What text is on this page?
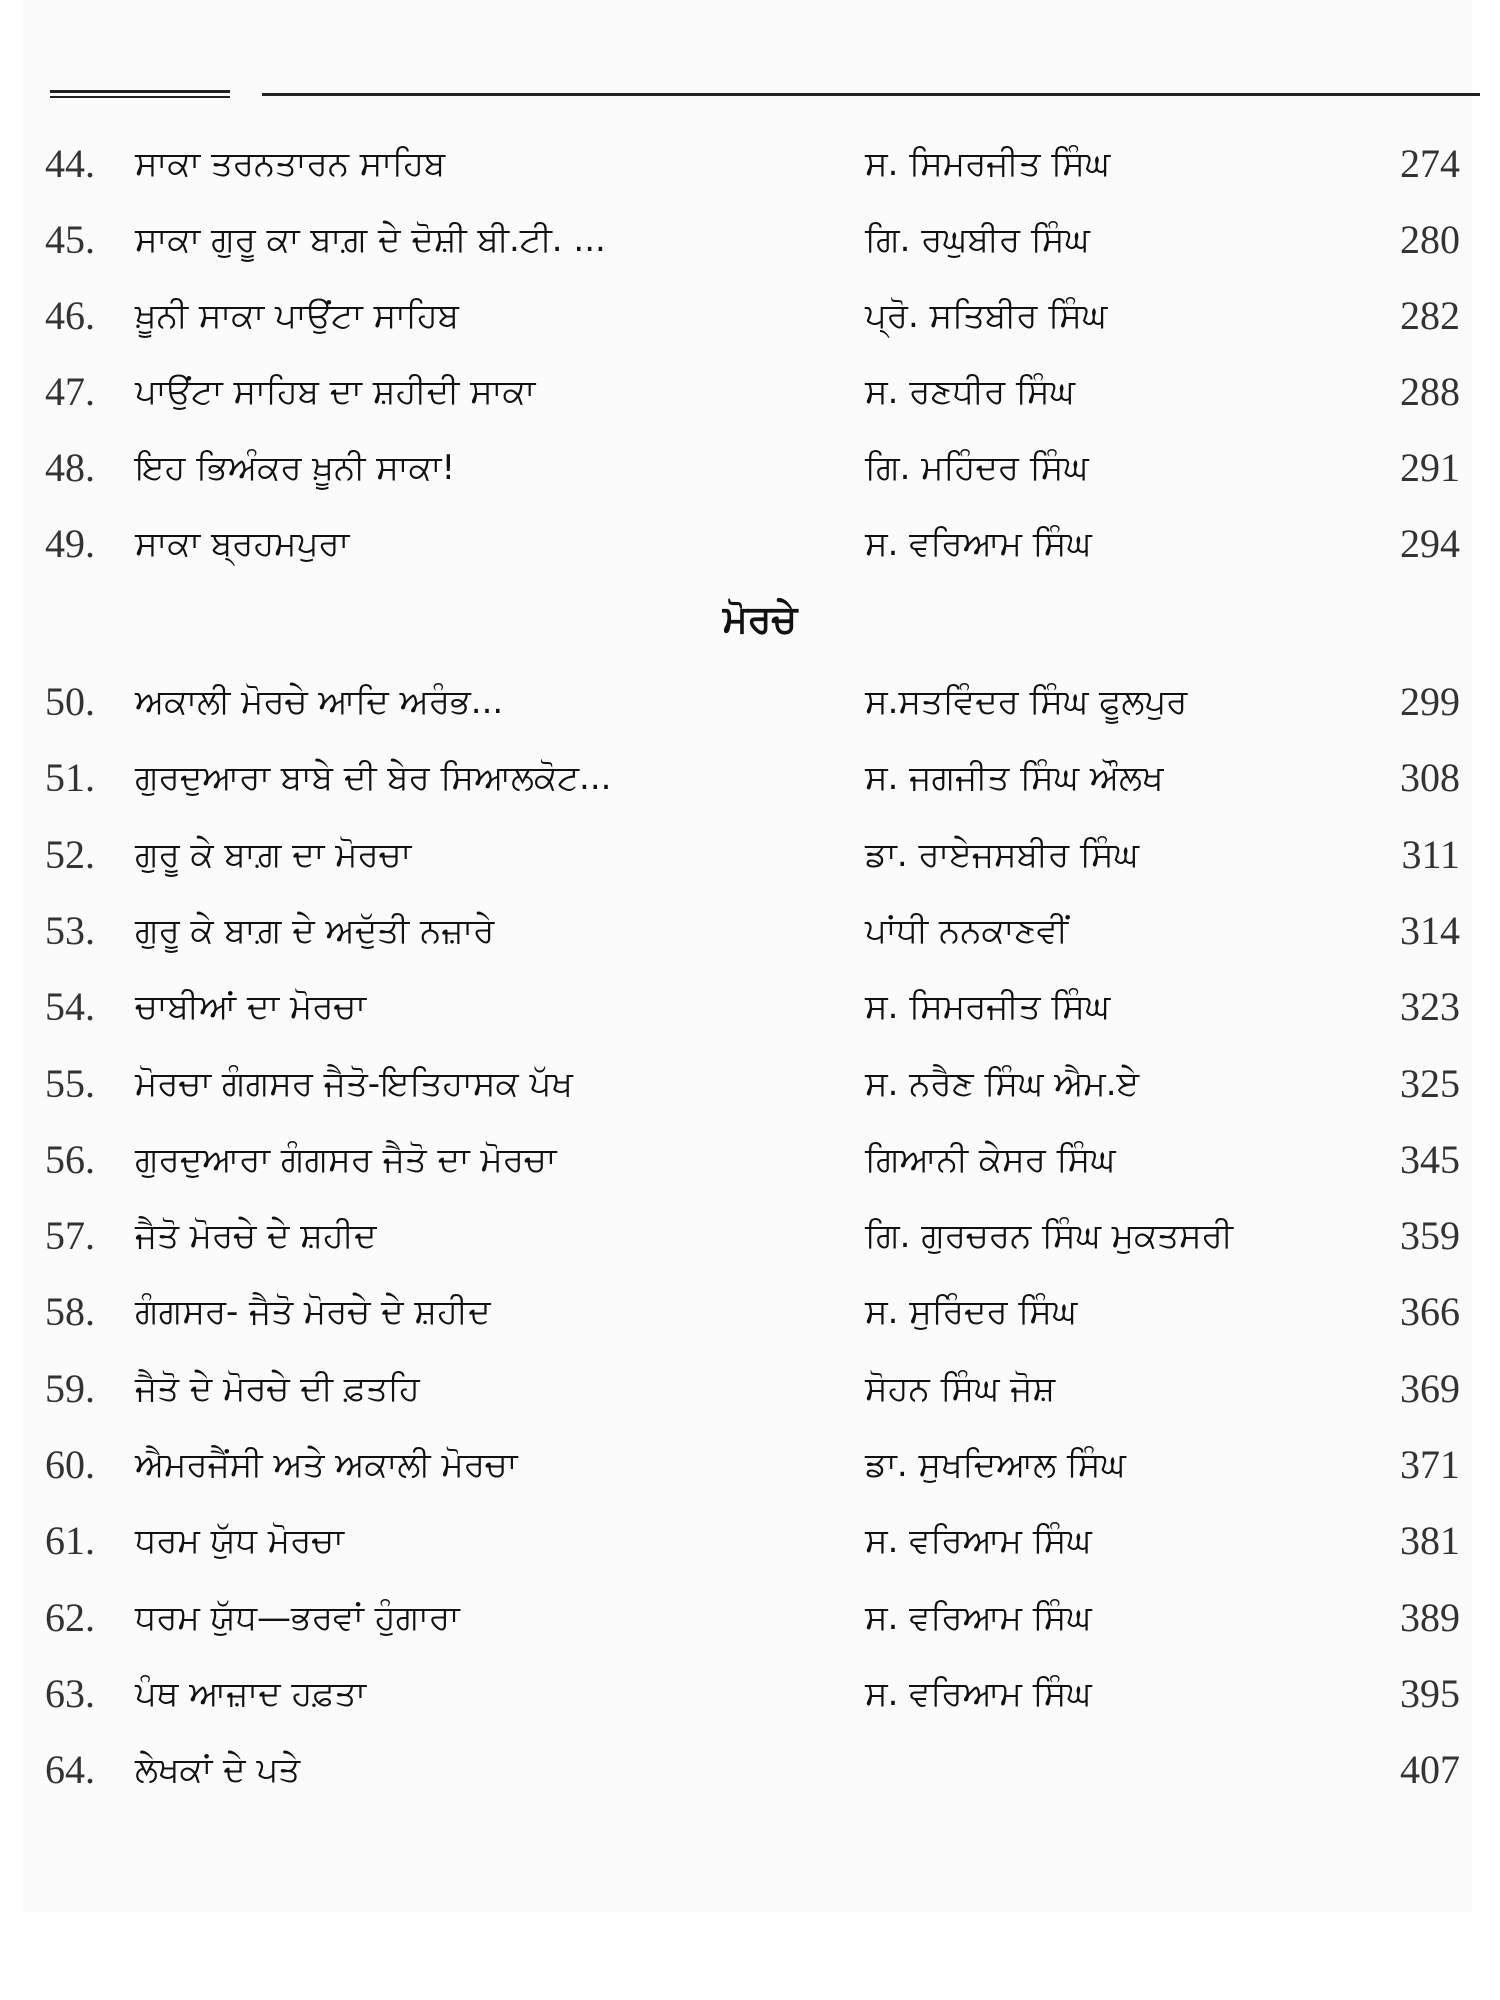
44. ਸਾਕਾ ਤਰਨਤਾਰਨ ਸਾਹਿਬ	ਸ. ਸਿਮਰਜੀਤ ਸਿੰਘ	274
45. ਸਾਕਾ ਗੁਰੂ ਕਾ ਬਾਗ਼ ਦੇ ਦੋਸ਼ੀ ਬੀ.ਟੀ. ...	ਗਿ. ਰਘੁਬੀਰ ਸਿੰਘ	280
46. ਖ਼ੂਨੀ ਸਾਕਾ ਪਾਉਂਟਾ ਸਾਹਿਬ	ਪ੍ਰੋ. ਸਤਿਬੀਰ ਸਿੰਘ	282
47. ਪਾਉਂਟਾ ਸਾਹਿਬ ਦਾ ਸ਼ਹੀਦੀ ਸਾਕਾ	ਸ. ਰਣਧੀਰ ਸਿੰਘ	288
48. ਇਹ ਭਿਅੰਕਰ ਖ਼ੂਨੀ ਸਾਕਾ!	ਗਿ. ਮਹਿੰਦਰ ਸਿੰਘ	291
49. ਸਾਕਾ ਬ੍ਰਹਮਪੁਰਾ	ਸ. ਵਰਿਆਮ ਸਿੰਘ	294
ਮੋਰਚੇ
50. ਅਕਾਲੀ ਮੋਰਚੇ ਆਦਿ ਅਰੰਭ...	ਸ.ਸਤਵਿੰਦਰ ਸਿੰਘ ਫੂਲਪੁਰ	299
51. ਗੁਰਦੁਆਰਾ ਬਾਬੇ ਦੀ ਬੇਰ ਸਿਆਲਕੋਟ...	ਸ. ਜਗਜੀਤ ਸਿੰਘ ਔਲਖ	308
52. ਗੁਰੂ ਕੇ ਬਾਗ਼ ਦਾ ਮੋਰਚਾ	ਡਾ. ਰਾਏਜਸਬੀਰ ਸਿੰਘ	311
53. ਗੁਰੂ ਕੇ ਬਾਗ਼ ਦੇ ਅਦੁੱਤੀ ਨਜ਼ਾਰੇ	ਪਾਂਧੀ ਨਨਕਾਣਵੀਂ	314
54. ਚਾਬੀਆਂ ਦਾ ਮੋਰਚਾ	ਸ. ਸਿਮਰਜੀਤ ਸਿੰਘ	323
55. ਮੋਰਚਾ ਗੰਗਸਰ ਜੈਤੋ-ਇਤਿਹਾਸਕ ਪੱਖ	ਸ. ਨਰੈਣ ਸਿੰਘ ਐਮ.ਏ	325
56. ਗੁਰਦੁਆਰਾ ਗੰਗਸਰ ਜੈਤੋ ਦਾ ਮੋਰਚਾ	ਗਿਆਨੀ ਕੇਸਰ ਸਿੰਘ	345
57. ਜੈਤੋ ਮੋਰਚੇ ਦੇ ਸ਼ਹੀਦ	ਗਿ. ਗੁਰਚਰਨ ਸਿੰਘ ਮੁਕਤਸਰੀ	359
58. ਗੰਗਸਰ- ਜੈਤੋ ਮੋਰਚੇ ਦੇ ਸ਼ਹੀਦ	ਸ. ਸੁਰਿੰਦਰ ਸਿੰਘ	366
59. ਜੈਤੋ ਦੇ ਮੋਰਚੇ ਦੀ ਫ਼ਤਹਿ	ਸੋਹਨ ਸਿੰਘ ਜੋਸ਼	369
60. ਐਮਰਜੈਂਸੀ ਅਤੇ ਅਕਾਲੀ ਮੋਰਚਾ	ਡਾ. ਸੁਖਦਿਆਲ ਸਿੰਘ	371
61. ਧਰਮ ਯੁੱਧ ਮੋਰਚਾ	ਸ. ਵਰਿਆਮ ਸਿੰਘ	381
62. ਧਰਮ ਯੁੱਧ—ਭਰਵਾਂ ਹੁੰਗਾਰਾ	ਸ. ਵਰਿਆਮ ਸਿੰਘ	389
63. ਪੰਥ ਆਜ਼ਾਦ ਹਫ਼ਤਾ	ਸ. ਵਰਿਆਮ ਸਿੰਘ	395
64. ਲੇਖਕਾਂ ਦੇ ਪਤੇ	407
